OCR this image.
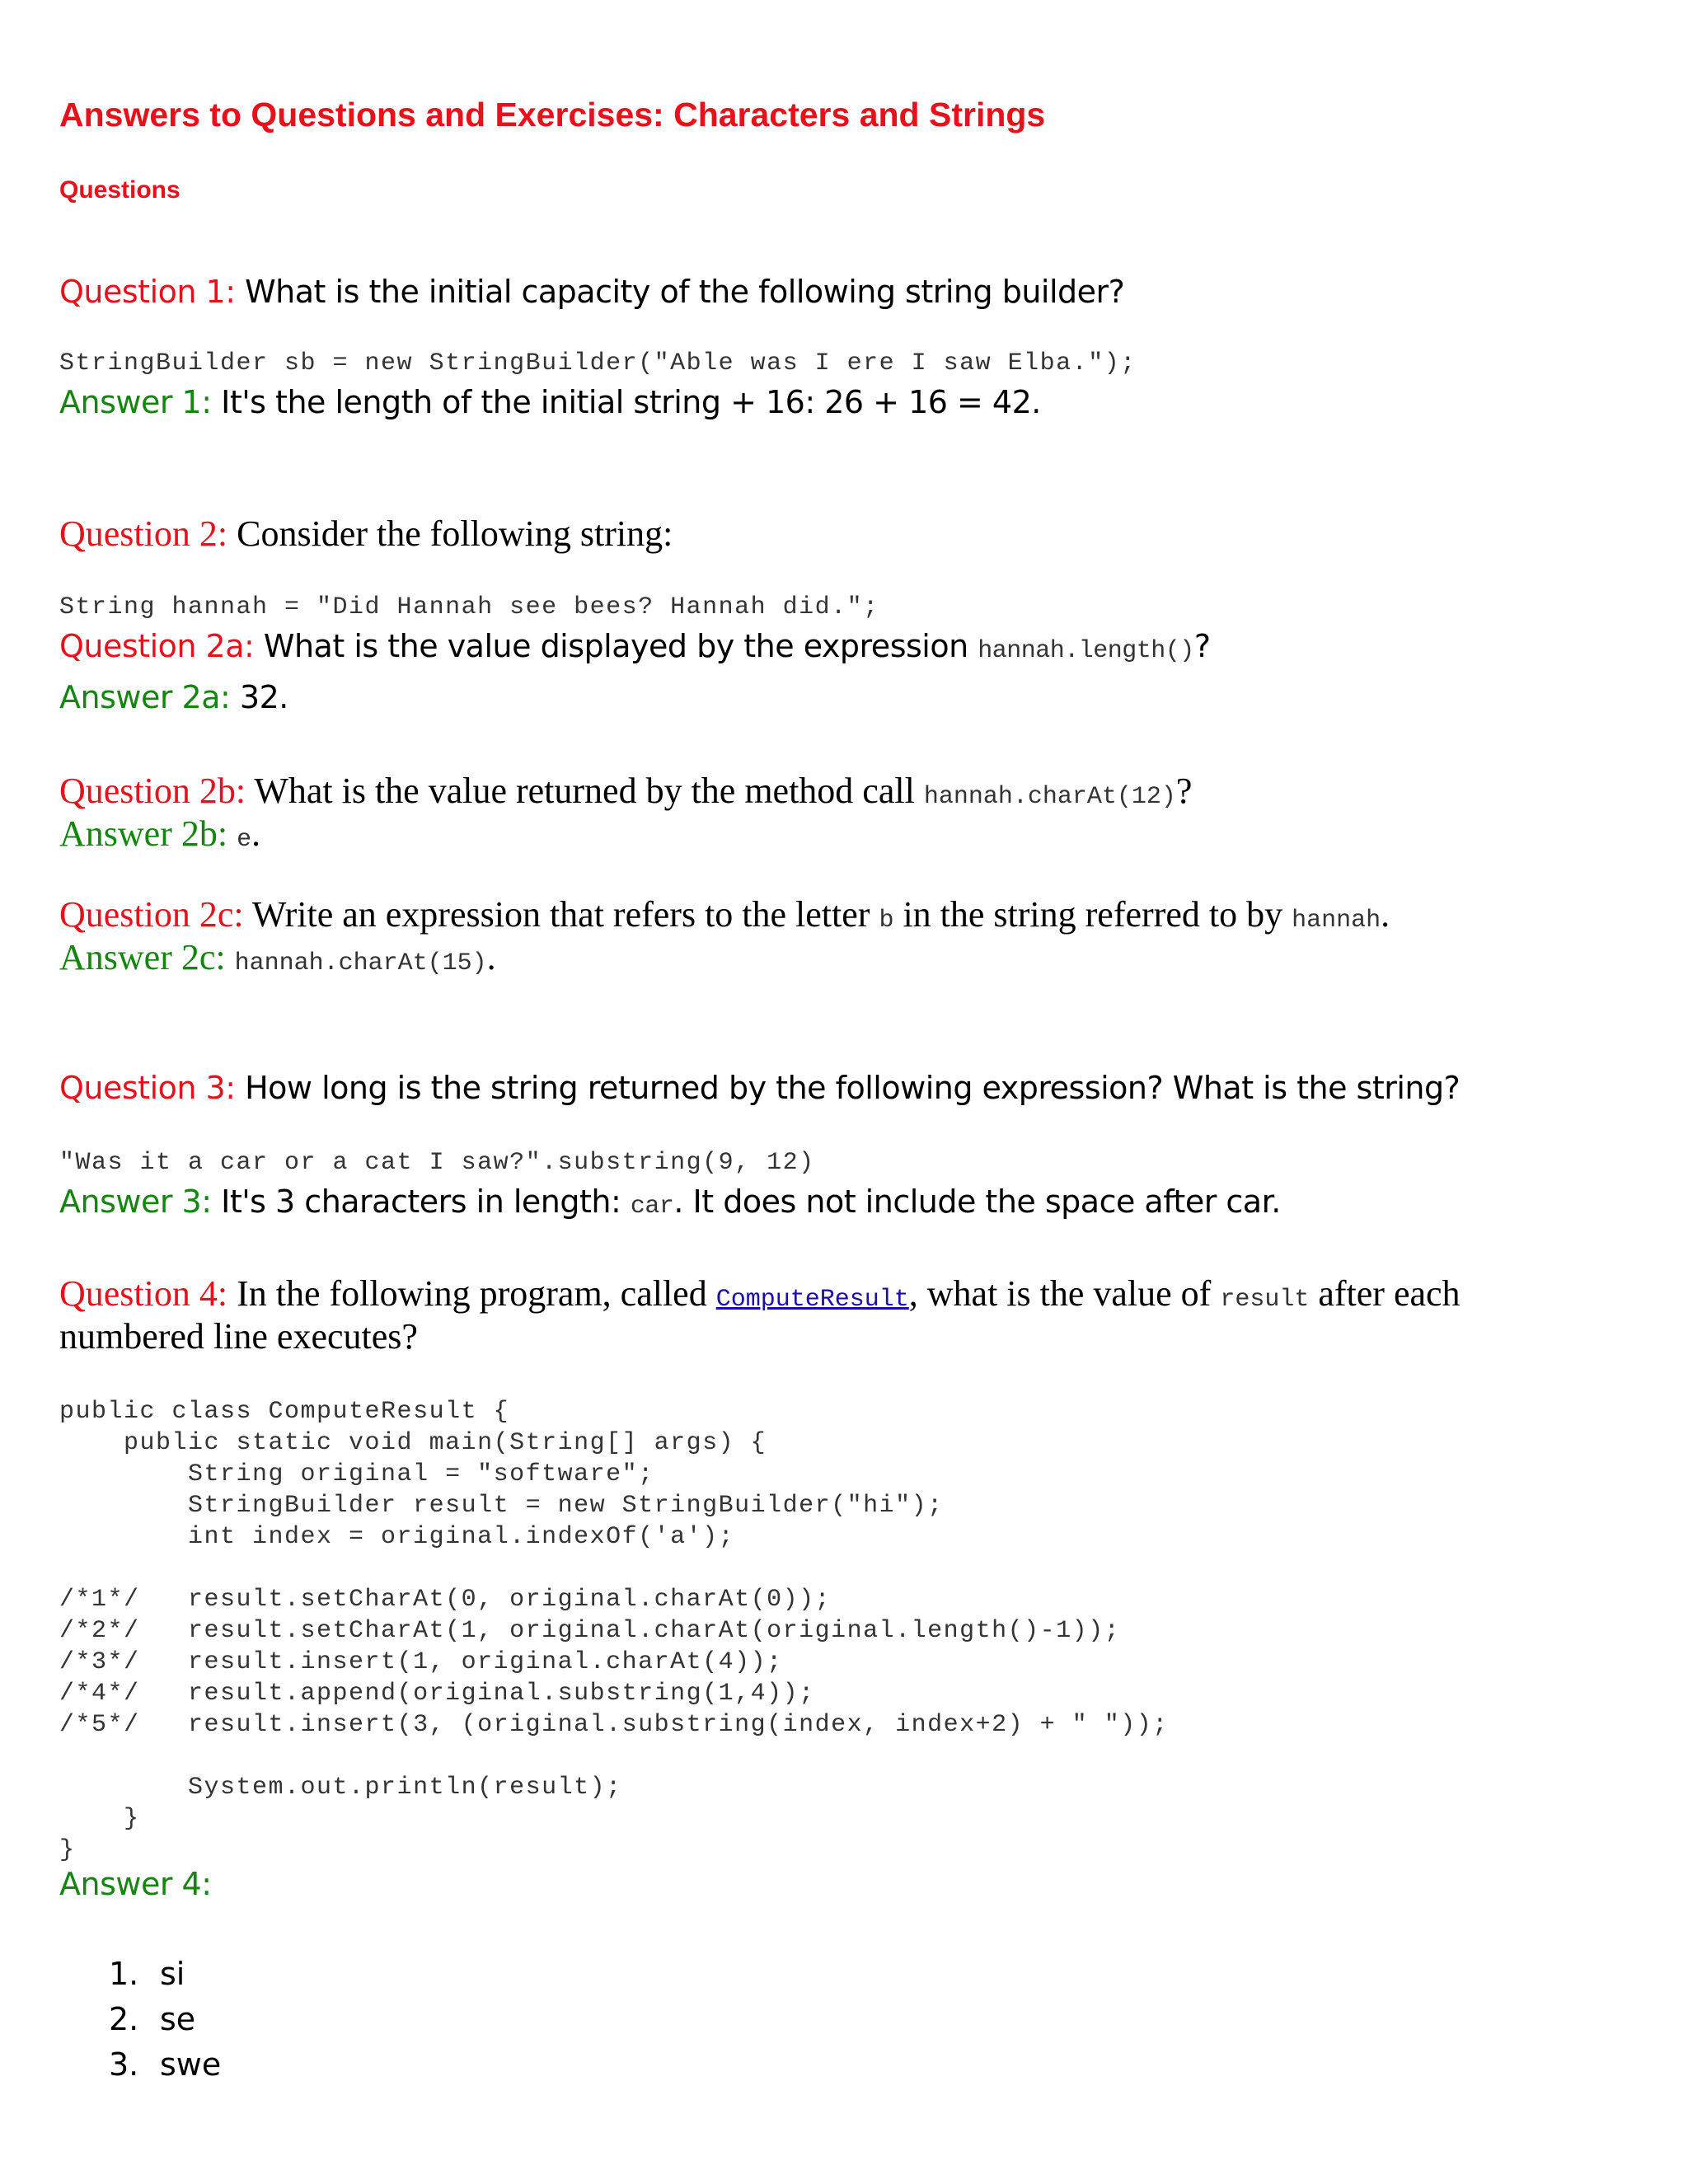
Answers to Questions and Exercises: Characters and Strings
Questions
Question 1: What is the initial capacity of the following string builder?
StringBuilder sb = new StringBuilder("Able was I ere I saw Elba.");
Answer 1: It's the length of the initial string + 16: 26 + 16 = 42.
Question 2: Consider the following string:
String hannah = "Did Hannah see bees? Hannah did.";
Question 2a: What is the value displayed by the expression hannah.length()?
Answer 2a: 32.
Question 2b: What is the value returned by the method call hannah.charAt(12)?
Answer 2b: e.
Question 2c: Write an expression that refers to the letter b in the string referred to by hannah.
Answer 2c: hannah.charAt(15).
Question 3: How long is the string returned by the following expression? What is the string?
"Was it a car or a cat I saw?".substring(9, 12)
Answer 3: It's 3 characters in length: car. It does not include the space after car.
Question 4: In the following program, called ComputeResult, what is the value of result after each
numbered line executes?
public class ComputeResult {
public static void main(String[] args) {
String original = "software";
StringBuilder result = new StringBuilder("hi");
int index = original.indexOf('a');

/*1*/   result.setCharAt(0, original.charAt(0));
/*2*/   result.setCharAt(1, original.charAt(original.length()-1));
/*3*/   result.insert(1, original.charAt(4));
/*4*/   result.append(original.substring(1,4));
/*5*/   result.insert(3, (original.substring(index, index+2) + " "));

System.out.println(result);
}
}
Answer 4:
1. si
2. se
3. swe
